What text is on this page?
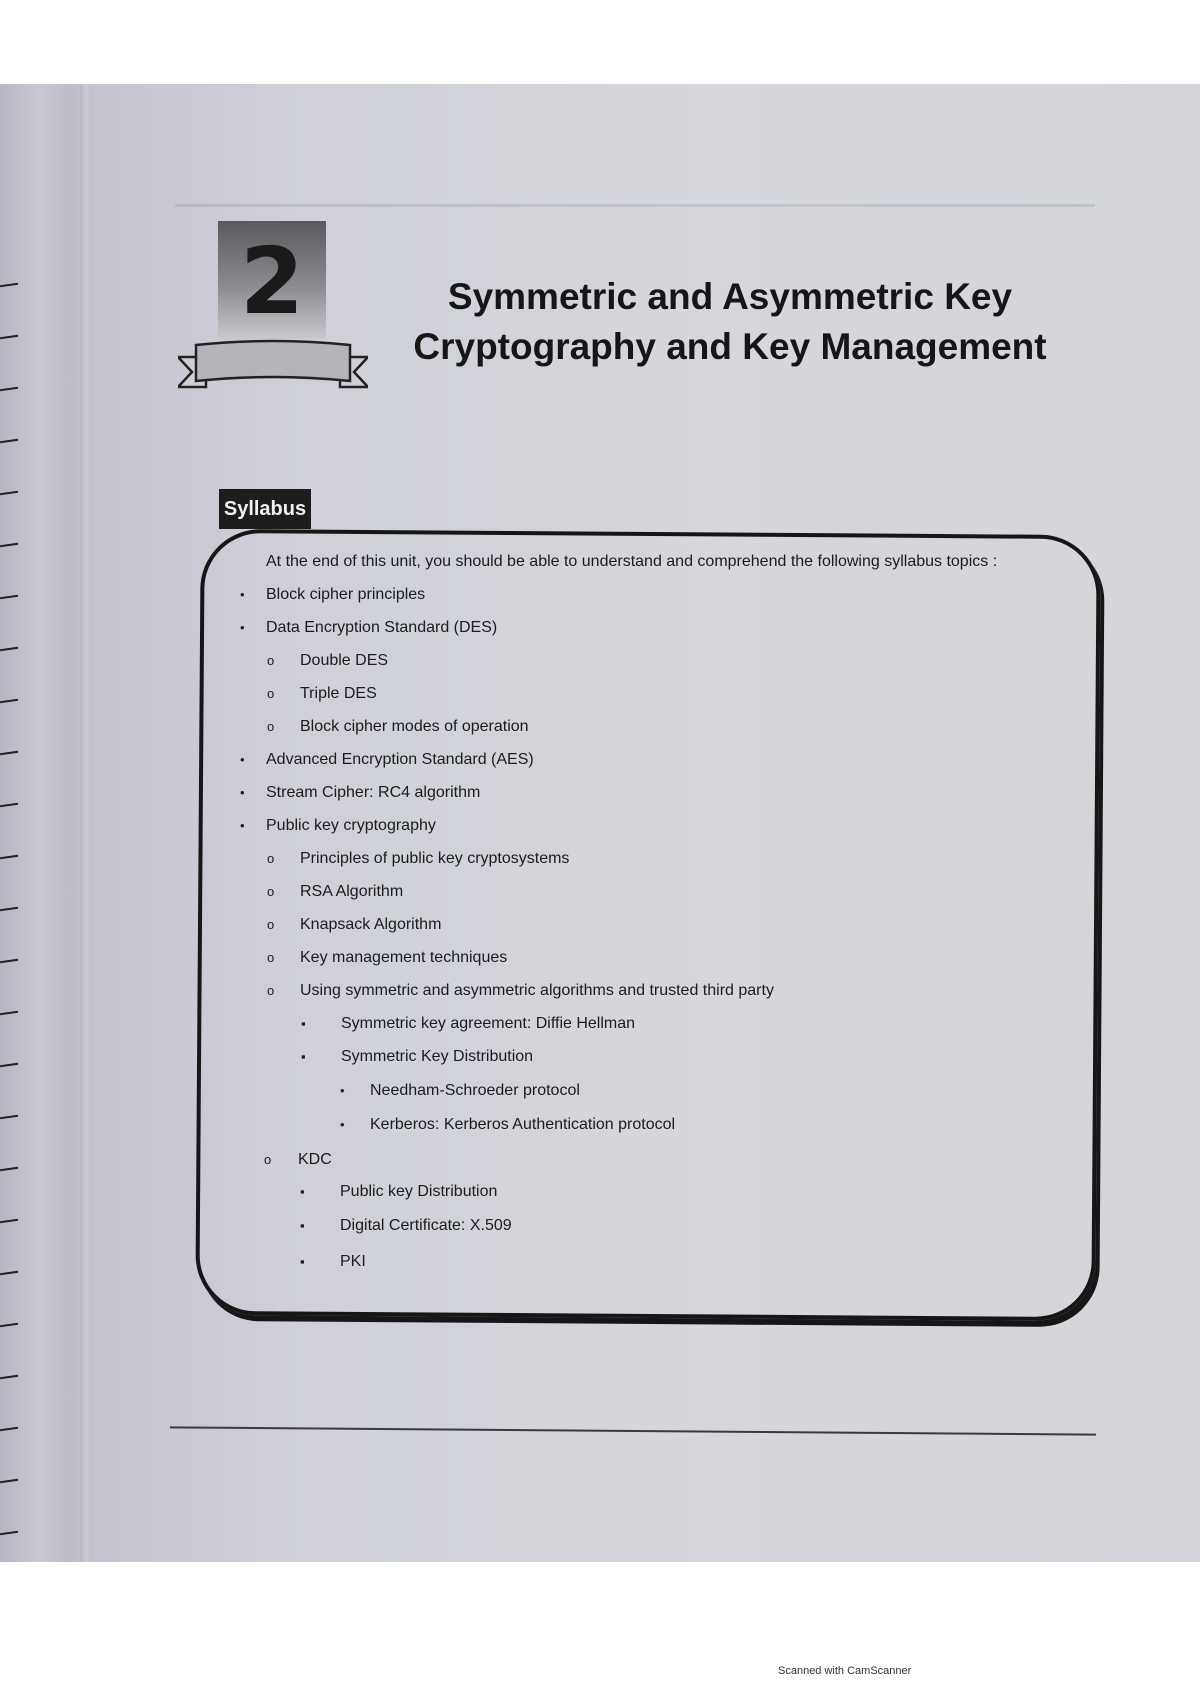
2	Symmetric and Asymmetric Key
Cryptography and Key Management
Syllabus
At the end of this unit, you should be able to understand and comprehend the following syllabus topics :
• Block cipher principles
• Data Encryption Standard (DES)
o Double DES
o Triple DES
o Block cipher modes of operation
• Advanced Encryption Standard (AES)
• Stream Cipher: RC4 algorithm
• Public key cryptography
o Principles of public key cryptosystems
o RSA Algorithm
o Knapsack Algorithm
o Key management techniques
o Using symmetric and asymmetric algorithms and trusted third party
▪ Symmetric key agreement: Diffie Hellman
▪ Symmetric Key Distribution
• Needham-Schroeder protocol
• Kerberos: Kerberos Authentication protocol
o KDC
▪ Public key Distribution
▪ Digital Certificate: X.509
▪ PKI
Scanned with CamScanner
